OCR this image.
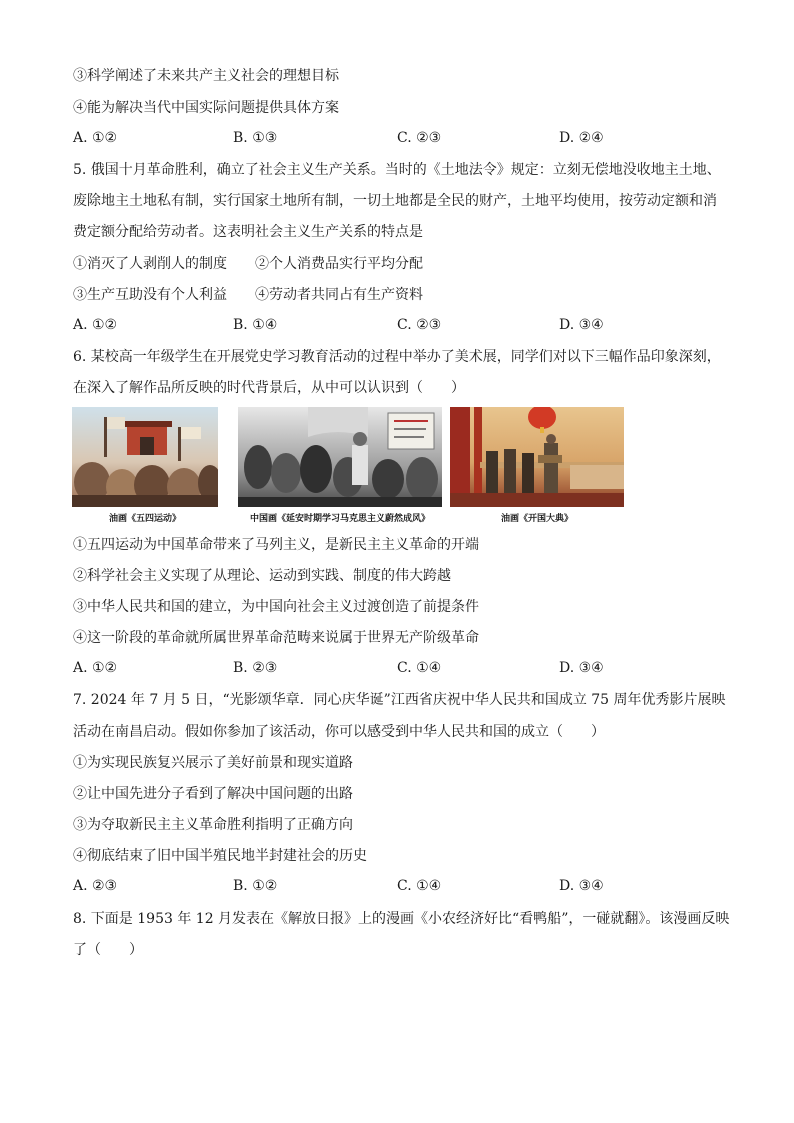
③科学阐述了未来共产主义社会的理想目标
④能为解决当代中国实际问题提供具体方案
A. ①②	B. ①③	C. ②③	D. ②④
5. 俄国十月革命胜利，确立了社会主义生产关系。当时的《土地法令》规定：立刻无偿地没收地主土地、
废除地主土地私有制，实行国家土地所有制，一切土地都是全民的财产，土地平均使用，按劳动定额和消
费定额分配给劳动者。这表明社会主义生产关系的特点是
①消灭了人剥削人的制度　　②个人消费品实行平均分配
③生产互助没有个人利益　　④劳动者共同占有生产资料
A. ①②	B. ①④	C. ②③	D. ③④
6. 某校高一年级学生在开展党史学习教育活动的过程中举办了美术展，同学们对以下三幅作品印象深刻，
在深入了解作品所反映的时代背景后，从中可以认识到（　　）
油画《五四运动》	中国画《延安时期学习马克思主义蔚然成风》	油画《开国大典》
①五四运动为中国革命带来了马列主义，是新民主主义革命的开端
②科学社会主义实现了从理论、运动到实践、制度的伟大跨越
③中华人民共和国的建立，为中国向社会主义过渡创造了前提条件
④这一阶段的革命就所属世界革命范畴来说属于世界无产阶级革命
A. ①②	B. ②③	C. ①④	D. ③④
7. 2024 年 7 月 5 日，“光影颂华章．同心庆华诞”江西省庆祝中华人民共和国成立 75 周年优秀影片展映
活动在南昌启动。假如你参加了该活动，你可以感受到中华人民共和国的成立（　　）
①为实现民族复兴展示了美好前景和现实道路
②让中国先进分子看到了解决中国问题的出路
③为夺取新民主主义革命胜利指明了正确方向
④彻底结束了旧中国半殖民地半封建社会的历史
A. ②③	B. ①②	C. ①④	D. ③④
8. 下面是 1953 年 12 月发表在《解放日报》上的漫画《小农经济好比“看鸭船”，一碰就翻》。该漫画反映
了（　　）
